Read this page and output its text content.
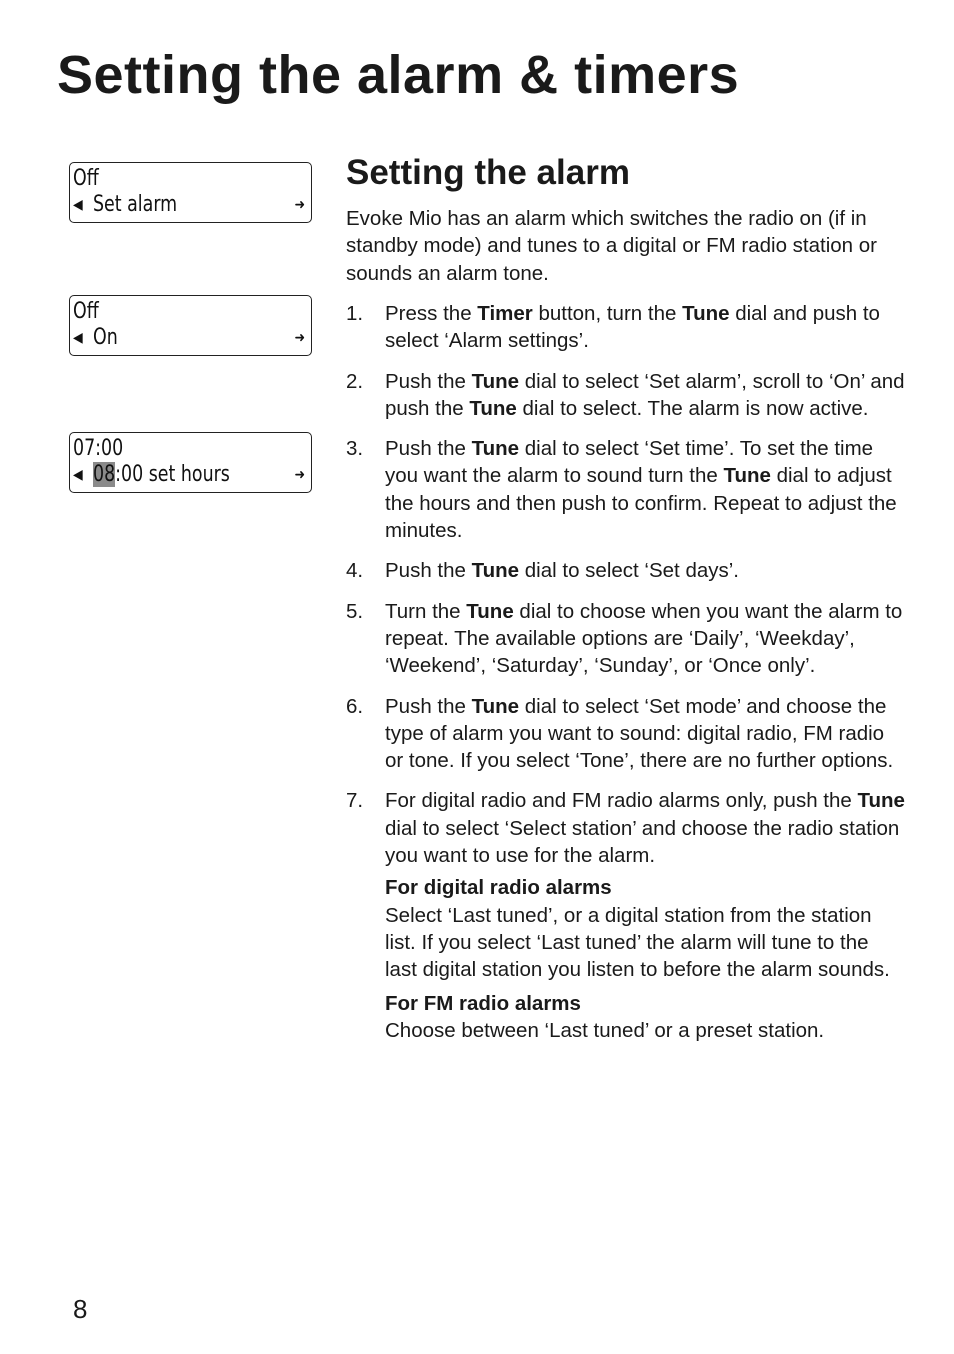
Setting the alarm & timers
Off
◀ Set alarm	➜
Off
◀ On	➜
07:00
◀ 08:00 set hours	➜
Setting the alarm

Evoke Mio has an alarm which switches the radio on (if in standby mode) and tunes to a digital or FM radio station or sounds an alarm tone.

1. Press the Timer button, turn the Tune dial and push to select ‘Alarm settings’.
2. Push the Tune dial to select ‘Set alarm’, scroll to ‘On’ and push the Tune dial to select. The alarm is now active.
3. Push the Tune dial to select ‘Set time’. To set the time you want the alarm to sound turn the Tune dial to adjust the hours and then push to confirm. Repeat to adjust the minutes.
4. Push the Tune dial to select ‘Set days’.
5. Turn the Tune dial to choose when you want the alarm to repeat. The available options are ‘Daily’, ‘Weekday’, ‘Weekend’, ‘Saturday’, ‘Sunday’, or ‘Once only’.
6. Push the Tune dial to select ‘Set mode’ and choose the type of alarm you want to sound: digital radio, FM radio or tone. If you select ‘Tone’, there are no further options.
7. For digital radio and FM radio alarms only, push the Tune dial to select ‘Select station’ and choose the radio station you want to use for the alarm.
For digital radio alarms
Select ‘Last tuned’, or a digital station from the station list. If you select ‘Last tuned’ the alarm will tune to the last digital station you listen to before the alarm sounds.
For FM radio alarms
Choose between ‘Last tuned’ or a preset station.
8
